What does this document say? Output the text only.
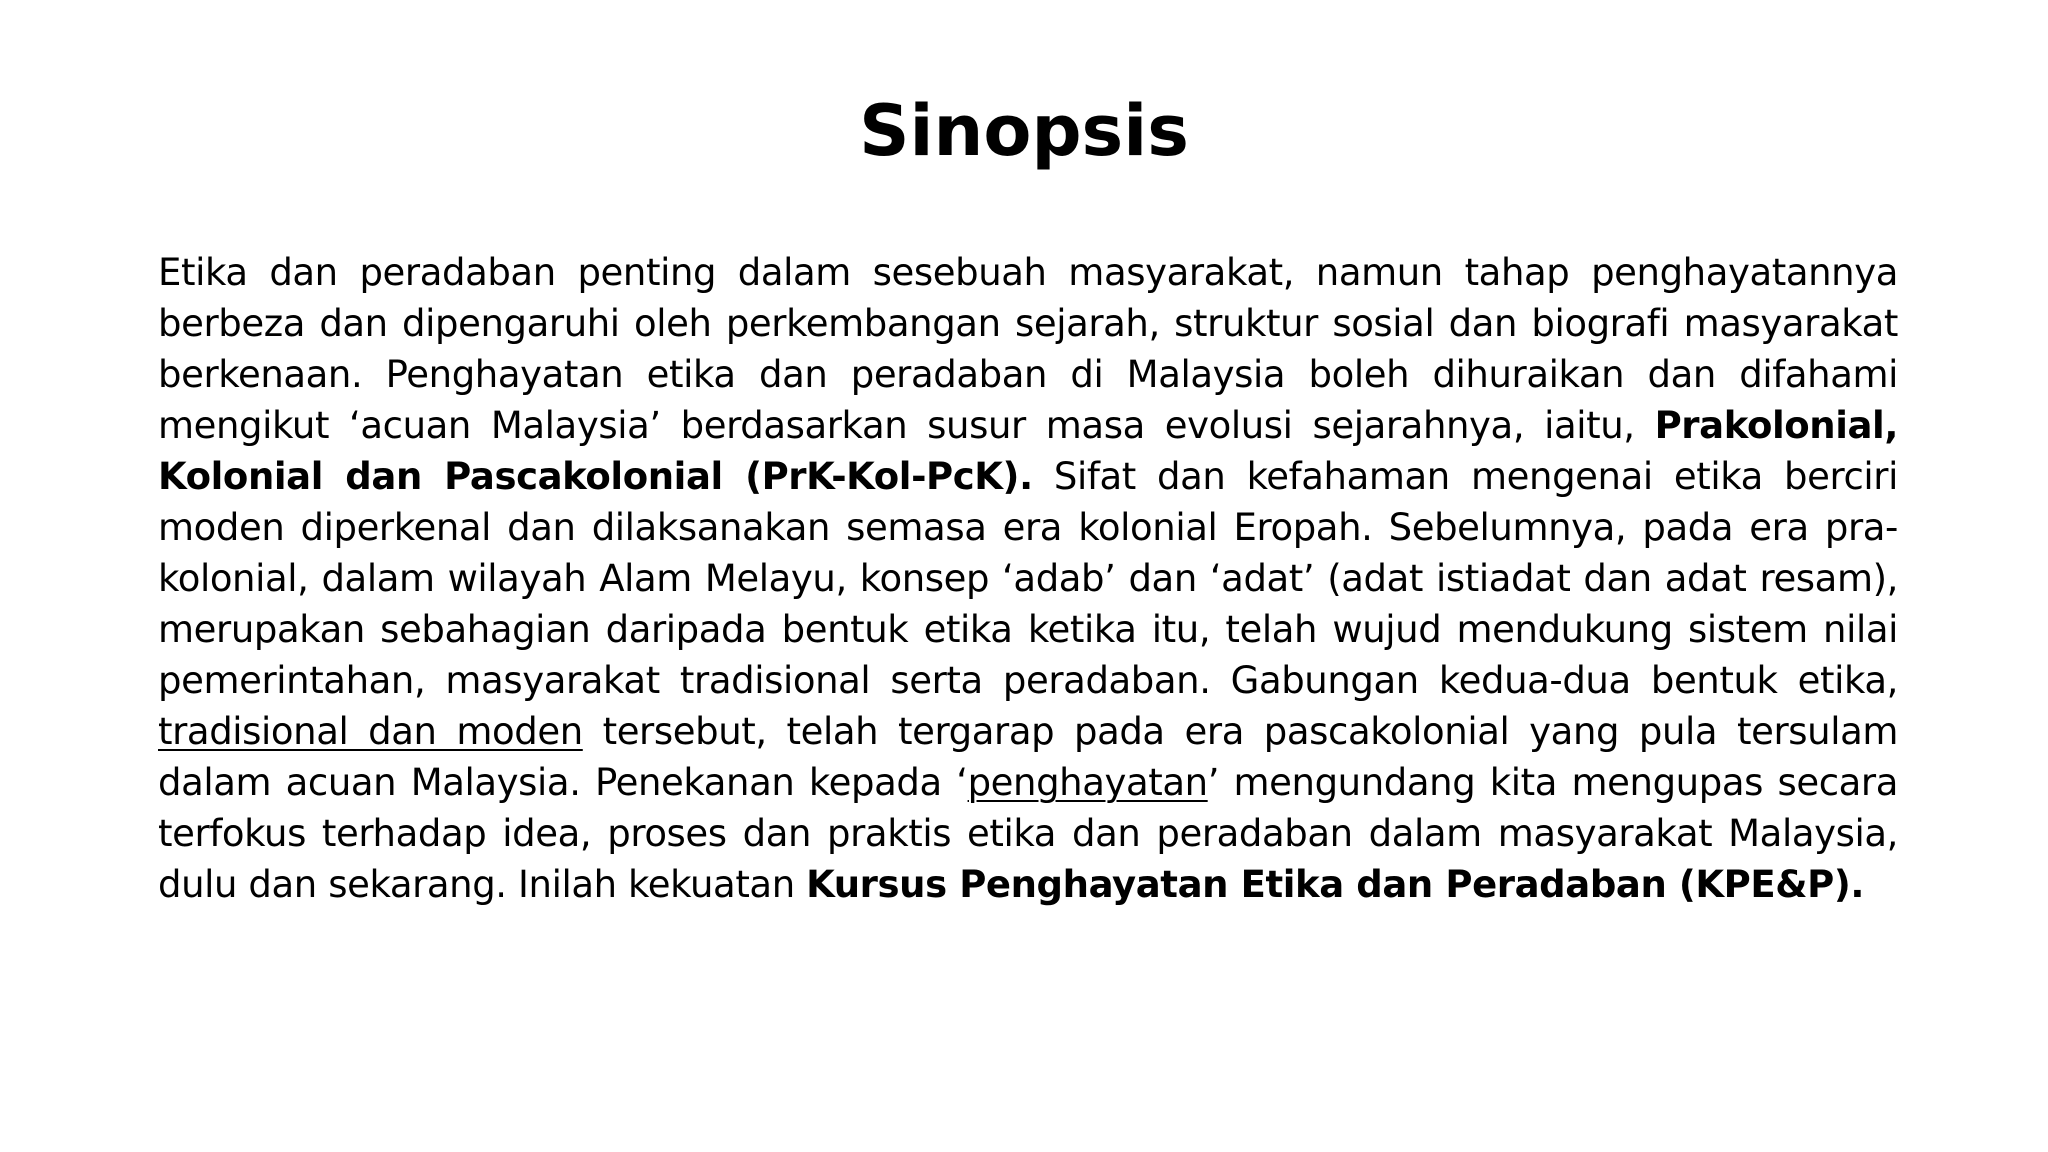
Sinopsis

Etika dan peradaban penting dalam sesebuah masyarakat, namun tahap penghayatannya berbeza dan dipengaruhi oleh perkembangan sejarah, struktur sosial dan biografi masyarakat berkenaan. Penghayatan etika dan peradaban di Malaysia boleh dihuraikan dan difahami mengikut ‘acuan Malaysia’ berdasarkan susur masa evolusi sejarahnya, iaitu, Prakolonial, Kolonial dan Pascakolonial (PrK-Kol-PcK). Sifat dan kefahaman mengenai etika berciri moden diperkenal dan dilaksanakan semasa era kolonial Eropah. Sebelumnya, pada era pra-kolonial, dalam wilayah Alam Melayu, konsep ‘adab’ dan ‘adat’ (adat istiadat dan adat resam), merupakan sebahagian daripada bentuk etika ketika itu, telah wujud mendukung sistem nilai pemerintahan, masyarakat tradisional serta peradaban. Gabungan kedua-dua bentuk etika, tradisional dan moden tersebut, telah tergarap pada era pascakolonial yang pula tersulam dalam acuan Malaysia. Penekanan kepada ‘penghayatan’ mengundang kita mengupas secara terfokus terhadap idea, proses dan praktis etika dan peradaban dalam masyarakat Malaysia, dulu dan sekarang. Inilah kekuatan Kursus Penghayatan Etika dan Peradaban (KPE&P).
